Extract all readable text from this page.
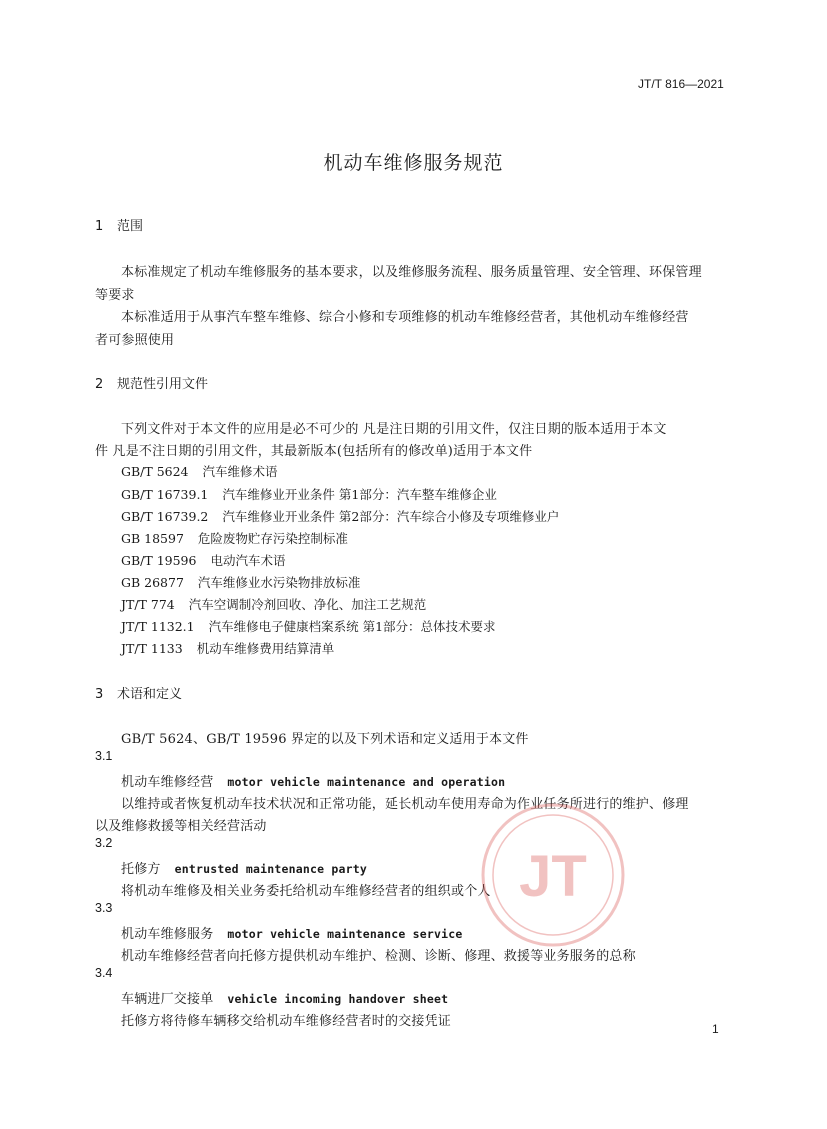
JT/T 816—2021
机动车维修服务规范
1 范围
本标准规定了机动车维修服务的基本要求，以及维修服务流程、服务质量管理、安全管理、环保管理
等要求
本标准适用于从事汽车整车维修、综合小修和专项维修的机动车维修经营者，其他机动车维修经营
者可参照使用
2 规范性引用文件
下列文件对于本文件的应用是必不可少的 凡是注日期的引用文件，仅注日期的版本适用于本文
件 凡是不注日期的引用文件，其最新版本(包括所有的修改单)适用于本文件
GB/T 5624 汽车维修术语
GB/T 16739.1 汽车维修业开业条件 第1部分：汽车整车维修企业
GB/T 16739.2 汽车维修业开业条件 第2部分：汽车综合小修及专项维修业户
GB 18597 危险废物贮存污染控制标准
GB/T 19596 电动汽车术语
GB 26877 汽车维修业水污染物排放标准
JT/T 774 汽车空调制冷剂回收、净化、加注工艺规范
JT/T 1132.1 汽车维修电子健康档案系统 第1部分：总体技术要求
JT/T 1133 机动车维修费用结算清单
3 术语和定义
GB/T 5624、GB/T 19596 界定的以及下列术语和定义适用于本文件
3.1
机动车维修经营 motor vehicle maintenance and operation
以维持或者恢复机动车技术状况和正常功能，延长机动车使用寿命为作业任务所进行的维护、修理
以及维修救援等相关经营活动
3.2
托修方 entrusted maintenance party
将机动车维修及相关业务委托给机动车维修经营者的组织或个人
3.3
机动车维修服务 motor vehicle maintenance service
机动车维修经营者向托修方提供机动车维护、检测、诊断、修理、救援等业务服务的总称
3.4
车辆进厂交接单 vehicle incoming handover sheet
托修方将待修车辆移交给机动车维修经营者时的交接凭证
JT
1
